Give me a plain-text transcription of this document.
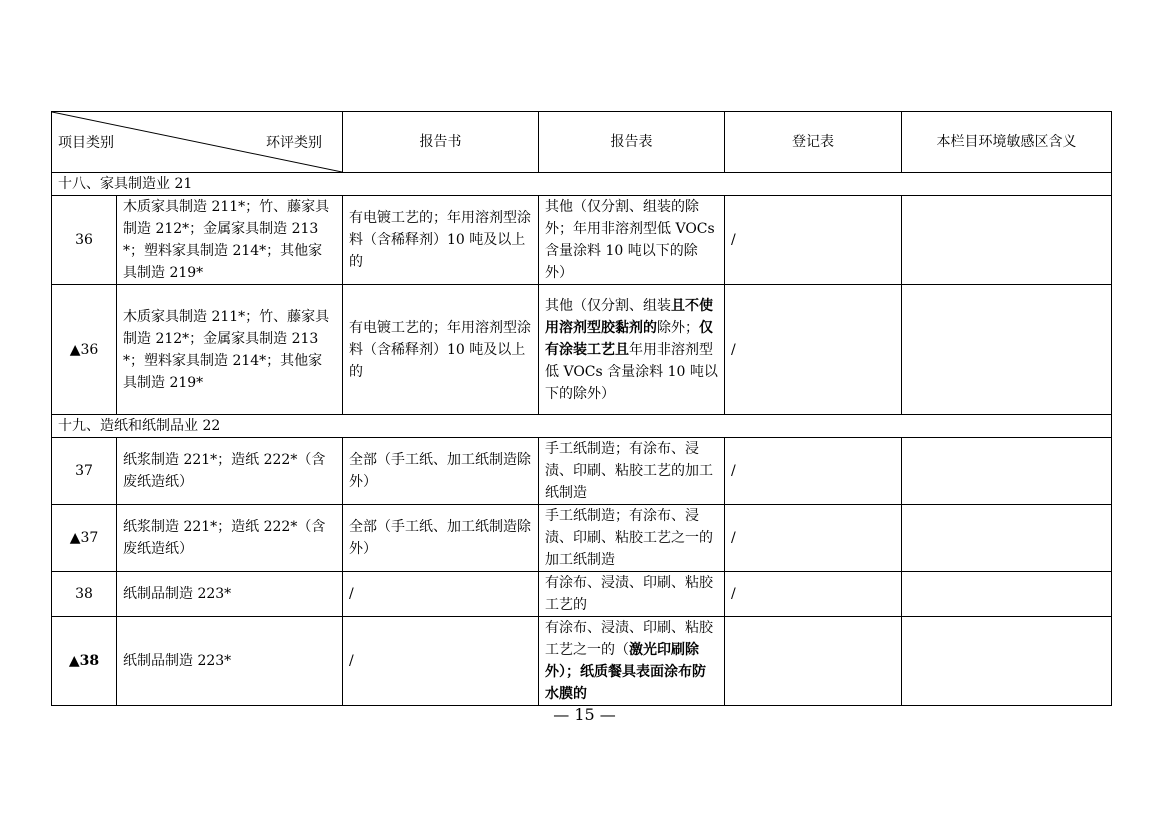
项目类别 环评类别		报告书	报告表	登记表	本栏目环境敏感区含义
十八、家具制造业 21					
36	木质家具制造 211*；竹、藤家具制造 212*；金属家具制造 213*；塑料家具制造 214*；其他家具制造 219*	有电镀工艺的；年用溶剂型涂料（含稀释剂）10 吨及以上的	其他（仅分割、组装的除外；年用非溶剂型低 VOCs 含量涂料 10 吨以下的除外）	/	
▲36	木质家具制造 211*；竹、藤家具制造 212*；金属家具制造 213*；塑料家具制造 214*；其他家具制造 219*	有电镀工艺的；年用溶剂型涂料（含稀释剂）10 吨及以上的	其他（仅分割、组装且不使用溶剂型胶黏剂的除外；仅有涂装工艺且年用非溶剂型低 VOCs 含量涂料 10 吨以下的除外）	/	
十九、造纸和纸制品业 22					
37	纸浆制造 221*；造纸 222*（含废纸造纸）	全部（手工纸、加工纸制造除外）	手工纸制造；有涂布、浸渍、印刷、粘胶工艺的加工纸制造	/	
▲37	纸浆制造 221*；造纸 222*（含废纸造纸）	全部（手工纸、加工纸制造除外）	手工纸制造；有涂布、浸渍、印刷、粘胶工艺之一的加工纸制造	/	
38	纸制品制造 223*	/	有涂布、浸渍、印刷、粘胶工艺的	/	
▲38	纸制品制造 223*	/	有涂布、浸渍、印刷、粘胶工艺之一的（激光印刷除外）；纸质餐具表面涂布防水膜的		
— 15 —
